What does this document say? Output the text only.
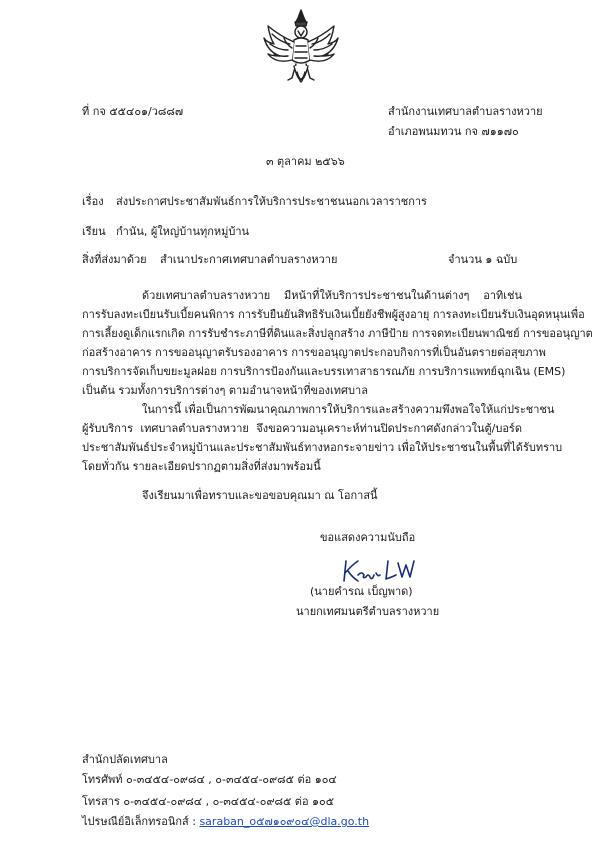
ที่ กจ ๕๕๔๐๑/ว๘๘๗	สำนักงานเทศบาลตำบลรางหวาย
อำเภอพนมทวน กจ ๗๑๑๗๐
๓ ตุลาคม ๒๕๖๖
เรื่อง ส่งประกาศประชาสัมพันธ์การให้บริการประชาชนนอกเวลาราชการ
เรียน กำนัน, ผู้ใหญ่บ้านทุกหมู่บ้าน
สิ่งที่ส่งมาด้วย สำเนาประกาศเทศบาลตำบลรางหวาย	จำนวน ๑ ฉบับ
ด้วยเทศบาลตำบลรางหวาย มีหน้าที่ให้บริการประชาชนในด้านต่างๆ อาทิเช่น
การรับลงทะเบียนรับเบี้ยคนพิการ การรับยืนยันสิทธิรับเงินเบี้ยยังชีพผู้สูงอายุ การลงทะเบียนรับเงินอุดหนุนเพื่อ
การเลี้ยงดูเด็กแรกเกิด การรับชำระภาษีที่ดินและสิ่งปลูกสร้าง ภาษีป้าย การจดทะเบียนพาณิชย์ การขออนุญาต
ก่อสร้างอาคาร การขออนุญาตรับรองอาคาร การขออนุญาตประกอบกิจการที่เป็นอันตรายต่อสุขภาพ
การบริการจัดเก็บขยะมูลฝอย การบริการป้องกันและบรรเทาสาธารณภัย การบริการแพทย์ฉุกเฉิน (EMS)
เป็นต้น รวมทั้งการบริการต่างๆ ตามอำนาจหน้าที่ของเทศบาล
ในการนี้ เพื่อเป็นการพัฒนาคุณภาพการให้บริการและสร้างความพึงพอใจให้แก่ประชาชน
ผู้รับบริการ เทศบาลตำบลรางหวาย จึงขอความอนุเคราะห์ท่านปิดประกาศดังกล่าวในตู้/บอร์ด
ประชาสัมพันธ์ประจำหมู่บ้านและประชาสัมพันธ์ทางหอกระจายข่าว เพื่อให้ประชาชนในพื้นที่ได้รับทราบ
โดยทั่วกัน รายละเอียดปรากฏตามสิ่งที่ส่งมาพร้อมนี้
จึงเรียนมาเพื่อทราบและขอขอบคุณมา ณ โอกาสนี้
ขอแสดงความนับถือ
(นายคำรณ เบ็ญพาด)
นายกเทศมนตรีตำบลรางหวาย
สำนักปลัดเทศบาล
โทรศัพท์ ๐-๓๔๕๔-๐๙๘๔ , ๐-๓๔๕๔-๐๙๘๕ ต่อ ๑๐๔
โทรสาร ๐-๓๔๕๔-๐๙๘๔ , ๐-๓๔๕๔-๐๙๘๕ ต่อ ๑๐๕
ไปรษณีย์อิเล็กทรอนิกส์ : saraban_o๕๗๑๐๙๐๔@dla.go.th
